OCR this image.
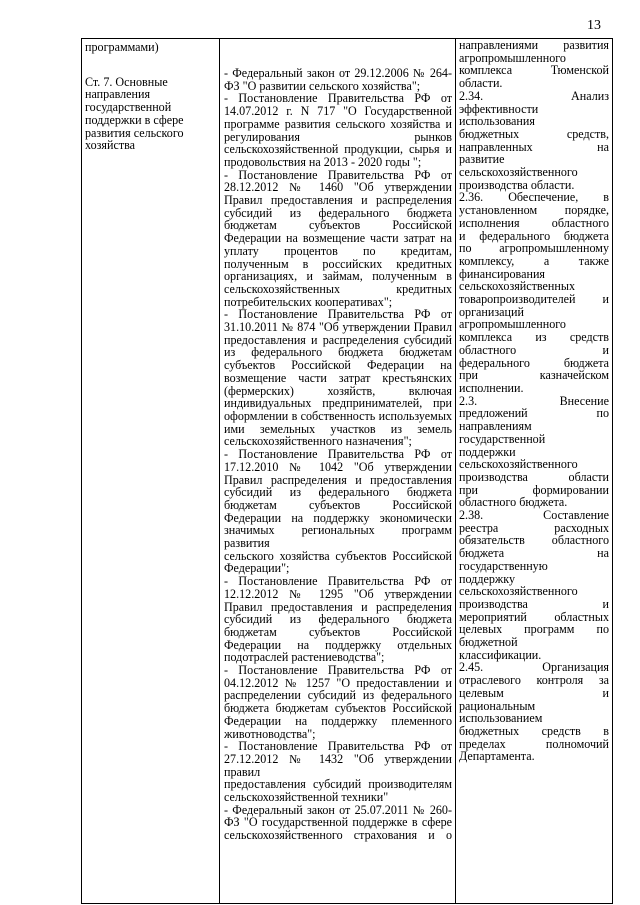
13
программами)
Ст. 7. Основные
направления
государственной
поддержки в сфере
развития сельского
хозяйства

- Федеральный закон от 29.12.2006 № 264-
ФЗ "О развитии сельского хозяйства";
- Постановление Правительства РФ от
14.07.2012 г. N 717 "О Государственной
программе развития сельского хозяйства и
регулирования рынков
сельскохозяйственной продукции, сырья и
продовольствия на 2013 - 2020 годы ";
- Постановление Правительства РФ от
28.12.2012 № 1460 "Об утверждении
Правил предоставления и распределения
субсидий из федерального бюджета
бюджетам субъектов Российской
Федерации на возмещение части затрат на
уплату процентов по кредитам,
полученным в российских кредитных
организациях, и займам, полученным в
сельскохозяйственных кредитных
потребительских кооперативах";
- Постановление Правительства РФ от
31.10.2011 № 874 "Об утверждении Правил
предоставления и распределения субсидий
из федерального бюджета бюджетам
субъектов Российской Федерации на
возмещение части затрат крестьянских
(фермерских) хозяйств, включая
индивидуальных предпринимателей, при
оформлении в собственность используемых
ими земельных участков из земель
сельскохозяйственного назначения";
- Постановление Правительства РФ от
17.12.2010 № 1042 "Об утверждении
Правил распределения и предоставления
субсидий из федерального бюджета
бюджетам субъектов Российской
Федерации на поддержку экономически
значимых региональных программ развития
сельского хозяйства субъектов Российской
Федерации";
- Постановление Правительства РФ от
12.12.2012 № 1295 "Об утверждении
Правил предоставления и распределения
субсидий из федерального бюджета
бюджетам субъектов Российской
Федерации на поддержку отдельных
подотраслей растениеводства";
- Постановление Правительства РФ от
04.12.2012 № 1257 "О предоставлении и
распределении субсидий из федерального
бюджета бюджетам субъектов Российской
Федерации на поддержку племенного
животноводства";
- Постановление Правительства РФ от
27.12.2012 № 1432 "Об утверждении правил
предоставления субсидий производителям
сельскохозяйственной техники"
- Федеральный закон от 25.07.2011 № 260-
ФЗ "О государственной поддержке в сфере
сельскохозяйственного страхования и о

направлениями развития
агропромышленного
комплекса Тюменской
области.
2.34. Анализ
эффективности
использования
бюджетных средств,
направленных на
развитие
сельскохозяйственного
производства области.
2.36. Обеспечение, в
установленном порядке,
исполнения областного
и федерального бюджета
по агропромышленному
комплексу, а также
финансирования
сельскохозяйственных
товаропроизводителей и
организаций
агропромышленного
комплекса из средств
областного и
федерального бюджета
при казначейском
исполнении.
2.3. Внесение
предложений по
направлениям
государственной
поддержки
сельскохозяйственного
производства области
при формировании
областного бюджета.
2.38. Составление
реестра расходных
обязательств областного
бюджета на
государственную
поддержку
сельскохозяйственного
производства и
мероприятий областных
целевых программ по
бюджетной
классификации.
2.45. Организация
отраслевого контроля за
целевым и
рациональным
использованием
бюджетных средств в
пределах полномочий
Департамента.
